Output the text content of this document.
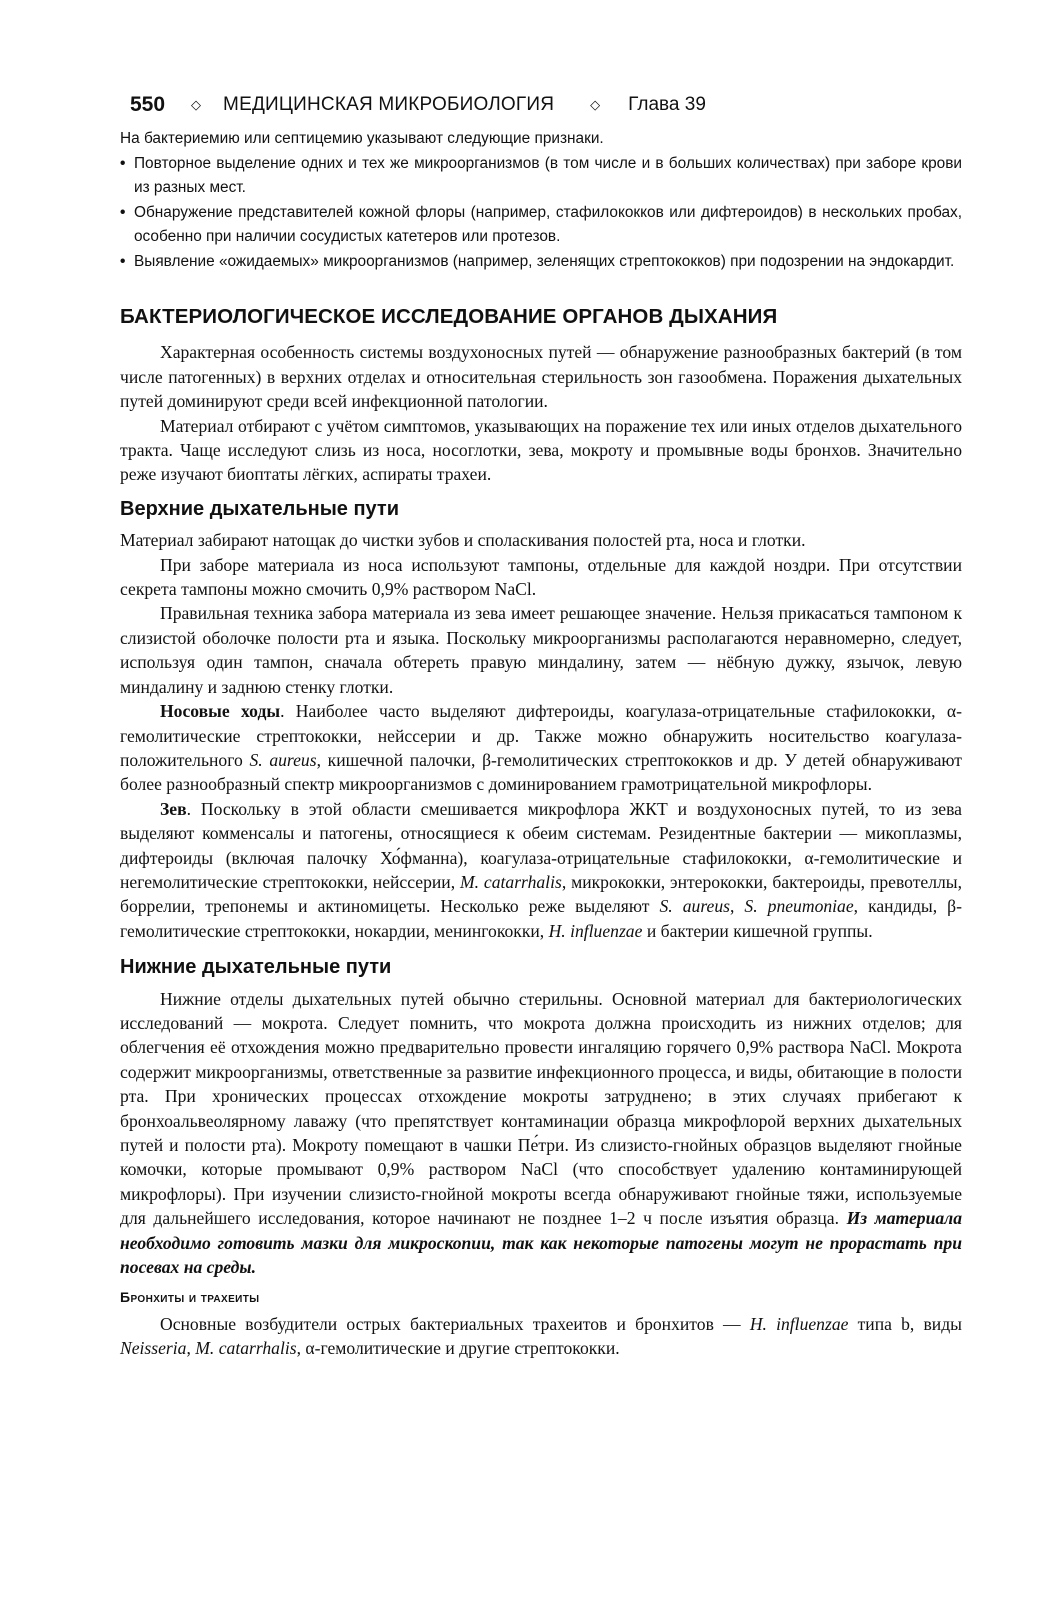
550 ◇ МЕДИЦИНСКАЯ МИКРОБИОЛОГИЯ	◇ Глава 39

На бактериемию или септицемию указывают следующие признаки.

• Повторное выделение одних и тех же микроорганизмов (в том числе и в больших количествах) при заборе крови из разных мест.
• Обнаружение представителей кожной флоры (например, стафилококков или дифтероидов) в нескольких пробах, особенно при наличии сосудистых катетеров или протезов.
• Выявление «ожидаемых» микроорганизмов (например, зеленящих стрептококков) при подозрении на эндокардит.
БАКТЕРИОЛОГИЧЕСКОЕ ИССЛЕДОВАНИЕ ОРГАНОВ ДЫХАНИЯ

Характерная особенность системы воздухоносных путей — обнаружение разнообразных бактерий (в том числе патогенных) в верхних отделах и относительная стерильность зон газообмена. Поражения дыхательных путей доминируют среди всей инфекционной патологии.

Материал отбирают с учётом симптомов, указывающих на поражение тех или иных отделов дыхательного тракта. Чаще исследуют слизь из носа, носоглотки, зева, мокроту и промывные воды бронхов. Значительно реже изучают биоптаты лёгких, аспираты трахеи.

Верхние дыхательные пути

Материал забирают натощак до чистки зубов и споласкивания полостей рта, носа и глотки.

При заборе материала из носа используют тампоны, отдельные для каждой ноздри. При отсутствии секрета тампоны можно смочить 0,9% раствором NaCl.

Правильная техника забора материала из зева имеет решающее значение. Нельзя прикасаться тампоном к слизистой оболочке полости рта и языка. Поскольку микроорганизмы располагаются неравномерно, следует, используя один тампон, сначала обтереть правую миндалину, затем — нёбную дужку, язычок, левую миндалину и заднюю стенку глотки.

Носовые ходы. Наиболее часто выделяют дифтероиды, коагулаза-отрицательные стафилококки, α-гемолитические стрептококки, нейссерии и др. Также можно обнаружить носительство коагулаза-положительного S. aureus, кишечной палочки, β-гемолитических стрептококков и др. У детей обнаруживают более разнообразный спектр микроорганизмов с доминированием грамотрицательной микрофлоры.

Зев. Поскольку в этой области смешивается микрофлора ЖКТ и воздухоносных путей, то из зева выделяют комменсалы и патогены, относящиеся к обеим системам. Резидентные бактерии — микоплазмы, дифтероиды (включая палочку Хо́фманна), коагулаза-отрицательные стафилококки, α-гемолитические и негемолитические стрептококки, нейссерии, M. catarrhalis, микрококки, энтерококки, бактероиды, превотеллы, боррелии, трепонемы и актиномицеты. Несколько реже выделяют S. aureus, S. pneumoniae, кандиды, β-гемолитические стрептококки, нокардии, менингококки, H. influenzae и бактерии кишечной группы.

Нижние дыхательные пути

Нижние отделы дыхательных путей обычно стерильны. Основной материал для бактериологических исследований — мокрота. Следует помнить, что мокрота должна происходить из нижних отделов; для облегчения её отхождения можно предварительно провести ингаляцию горячего 0,9% раствора NaCl. Мокрота содержит микроорганизмы, ответственные за развитие инфекционного процесса, и виды, обитающие в полости рта. При хронических процессах отхождение мокроты затруднено; в этих случаях прибегают к бронхоальвеолярному лаважу (что препятствует контаминации образца микрофлорой верхних дыхательных путей и полости рта). Мокроту помещают в чашки Пе́три. Из слизисто-гнойных образцов выделяют гнойные комочки, которые промывают 0,9% раствором NaCl (что способствует удалению контаминирующей микрофлоры). При изучении слизисто-гнойной мокроты всегда обнаруживают гнойные тяжи, используемые для дальнейшего исследования, которое начинают не позднее 1–2 ч после изъятия образца. Из материала необходимо готовить мазки для микроскопии, так как некоторые патогены могут не прорастать при посевах на среды.

Бронхиты и трахеиты

Основные возбудители острых бактериальных трахеитов и бронхитов — H. influenzae типа b, виды Neisseria, M. catarrhalis, α-гемолитические и другие стрептококки.
